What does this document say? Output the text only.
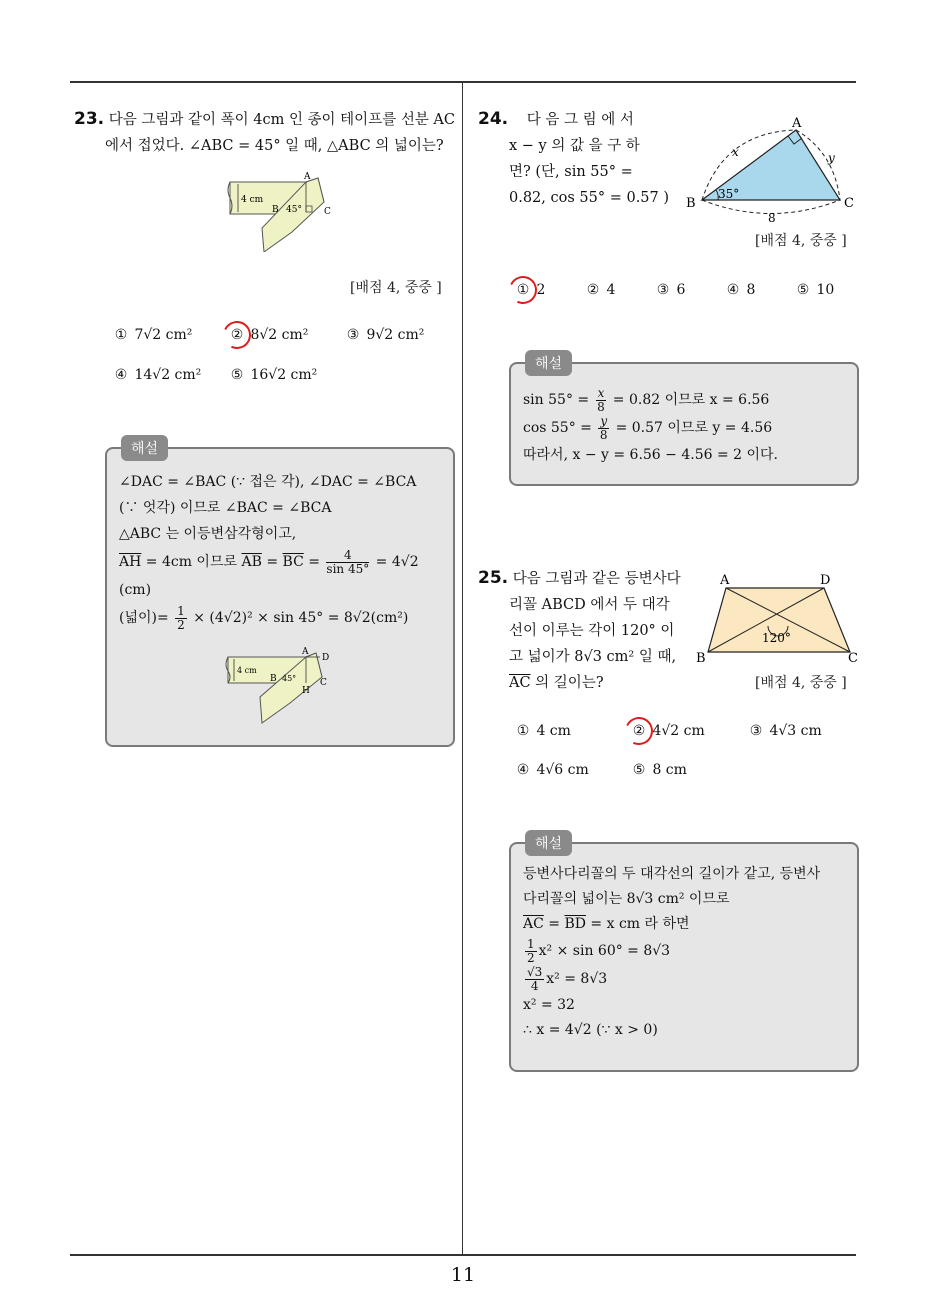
11
23. 다음 그림과 같이 폭이 4cm 인 종이 테이프를 선분 AC
에서 접었다. ∠ABC = 45° 일 때, △ABC 의 넓이는?
4 cm
A
B	C
45°
[배점 4, 중중 ]
① 7√2 cm²	② 8√2 cm²	③ 9√2 cm²
④ 14√2 cm² ⑤ 16√2 cm²
해설
∠DAC = ∠BAC (∵ 접은 각), ∠DAC = ∠BCA
(∵ 엇각) 이므로 ∠BAC = ∠BCA
△ABC 는 이등변삼각형이고,
$\overline{AH} = 4cm$ 이므로 $\overline{AB} = \overline{BC} = \frac{4}{\sin 45^\circ} = 4√2$
(cm)
(넓이)= $\frac{1}{2} \times (4√2)^2 \times \sin 45^\circ = 8√2(cm^2)$
4 cm
A
D
B	C
H
45°
24. 다 음 그 림 에 서
x − y 의 값 을 구 하
면? (단, sin 55° =
0.82, cos 55° = 0.57 )
A
B	C
x	y
8
35°
[배점 4, 중중 ]
① 2	② 4	③ 6	④ 8	⑤ 10
해설
$\sin 55^\circ = \frac{x}{8} = 0.82$ 이므로 x = 6.56
$\cos 55^\circ = \frac{y}{8} = 0.57$ 이므로 y = 4.56
따라서, x − y = 6.56 − 4.56 = 2 이다.
25. 다음 그림과 같은 등변사다
리꼴 ABCD 에서 두 대각
선이 이루는 각이 120° 이
고 넓이가 8√3 cm² 일 때,
$\overline{AC}$ 의 길이는?
A	D
B	C
120°
[배점 4, 중중 ]
① 4 cm	② 4√2 cm	③ 4√3 cm
④ 4√6 cm	⑤ 8 cm
해설
등변사다리꼴의 두 대각선의 길이가 같고, 등변사
다리꼴의 넓이는 8√3 cm² 이므로
$\overline{AC} = \overline{BD} = x$ cm 라 하면
$\frac{1}{2} x^2 \times \sin 60^\circ = 8√3$
$\frac{√3}{4} x^2 = 8√3$
x² = 32
∴ x = 4√2 (∵ x > 0)
